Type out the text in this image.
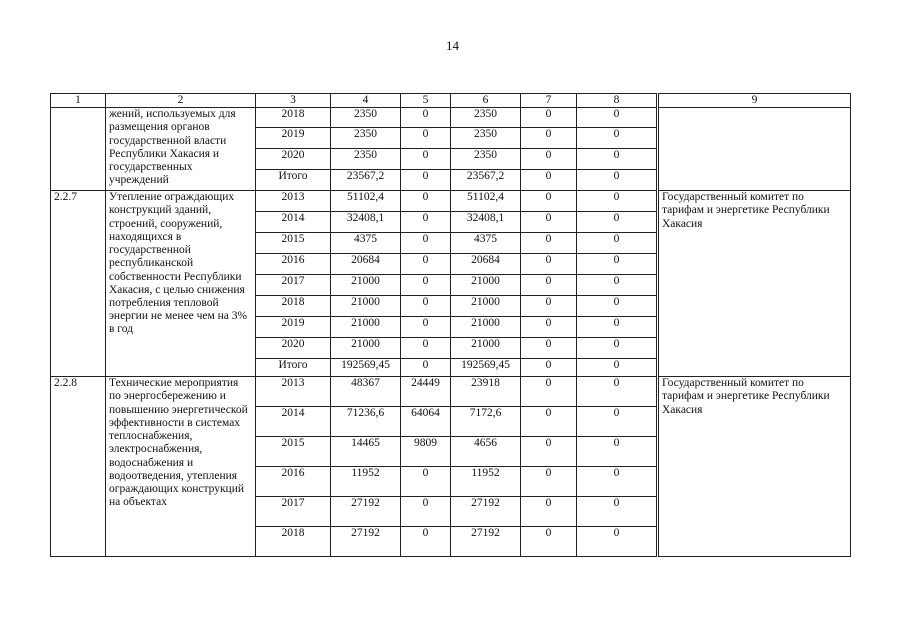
14
1	2	3	4	5	6	7	8		9
	жений, используемых для размещения органов государственной власти Республики Хакасия и государственных учреждений	2018	2350	0	2350	0	0		
		2019	2350	0	2350	0	0		
		2020	2350	0	2350	0	0		
		Итого	23567,2	0	23567,2	0	0		
2.2.7	Утепление ограждающих конструкций зданий, строений, сооружений, находящихся в государственной республиканской собственности Республики Хакасия, с целью снижения потребления тепловой энергии не менее чем на 3% в год	2013	51102,4	0	51102,4	0	0		Государственный комитет по тарифам и энергетике Республики Хакасия
		2014	32408,1	0	32408,1	0	0		
		2015	4375	0	4375	0	0		
		2016	20684	0	20684	0	0		
		2017	21000	0	21000	0	0		
		2018	21000	0	21000	0	0		
		2019	21000	0	21000	0	0		
		2020	21000	0	21000	0	0		
		Итого	192569,45	0	192569,45	0	0		
2.2.8	Технические мероприятия по энергосбережению и повышению энергетической эффективности в системах теплоснабжения, электроснабжения, водоснабжения и водоотведения, утепления ограждающих конструкций на объектах	2013	48367	24449	23918	0	0		Государственный комитет по тарифам и энергетике Республики Хакасия
		2014	71236,6	64064	7172,6	0	0		
		2015	14465	9809	4656	0	0		
		2016	11952	0	11952	0	0		
		2017	27192	0	27192	0	0		
		2018	27192	0	27192	0	0		
